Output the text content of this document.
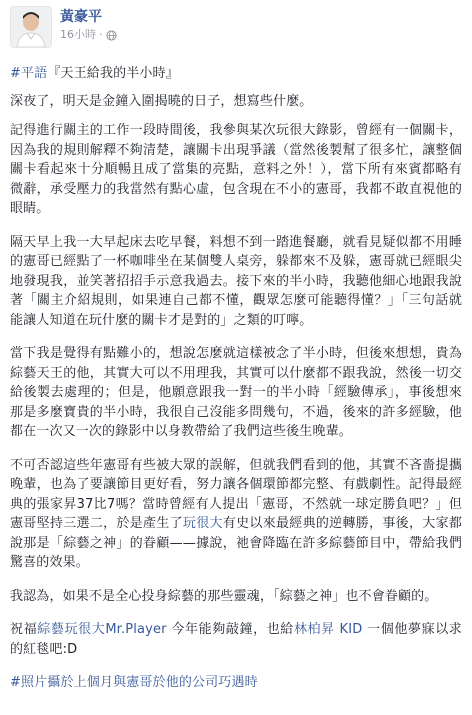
黃豪平
16小時 ·

#平語『天王給我的半小時』

深夜了，明天是金鐘入圍揭曉的日子，想寫些什麼。

記得進行關主的工作一段時間後，我參與某次玩很大錄影，曾經有一個關卡，因為我的規則解釋不夠清楚，讓關卡出現爭議（當然後製幫了很多忙，讓整個關卡看起來十分順暢且成了當集的亮點，意料之外！），當下所有來賓都略有微辭，承受壓力的我當然有點心虛，包含現在不小的憲哥，我都不敢直視他的眼睛。

隔天早上我一大早起床去吃早餐，料想不到一踏進餐廳，就看見疑似都不用睡的憲哥已經點了一杯咖啡坐在某個雙人桌旁，躲都來不及躲，憲哥就已經眼尖地發現我，並笑著招招手示意我過去。接下來的半小時，我聽他細心地跟我說著「關主介紹規則，如果連自己都不懂，觀眾怎麼可能聽得懂？」「三句話就能讓人知道在玩什麼的關卡才是對的」之類的叮嚀。

當下我是覺得有點難小的，想說怎麼就這樣被念了半小時，但後來想想，貴為綜藝天王的他，其實大可以不用理我，其實可以什麼都不跟我說，然後一切交給後製去處理的；但是，他願意跟我一對一的半小時「經驗傳承」，事後想來那是多麼寶貴的半小時，我很自己沒能多問幾句，不過，後來的許多經驗，他都在一次又一次的錄影中以身教帶給了我們這些後生晚輩。

不可否認這些年憲哥有些被大眾的誤解，但就我們看到的他，其實不吝嗇提攜晚輩，也為了要讓節目更好看，努力讓各個環節都完整、有戲劇性。記得最經典的張家昇37比7嗎？當時曾經有人提出「憲哥，不然就一球定勝負吧？」但憲哥堅持三選二，於是產生了玩很大有史以來最經典的逆轉勝，事後，大家都說那是「綜藝之神」的眷顧——據說，祂會降臨在許多綜藝節目中，帶給我們驚喜的效果。

我認為，如果不是全心投身綜藝的那些靈魂，「綜藝之神」也不會眷顧的。

祝福綜藝玩很大Mr.Player 今年能夠敲鐘，也給林柏昇 KID 一個他夢寐以求的紅毯吧:D

#照片攝於上個月與憲哥於他的公司巧遇時
